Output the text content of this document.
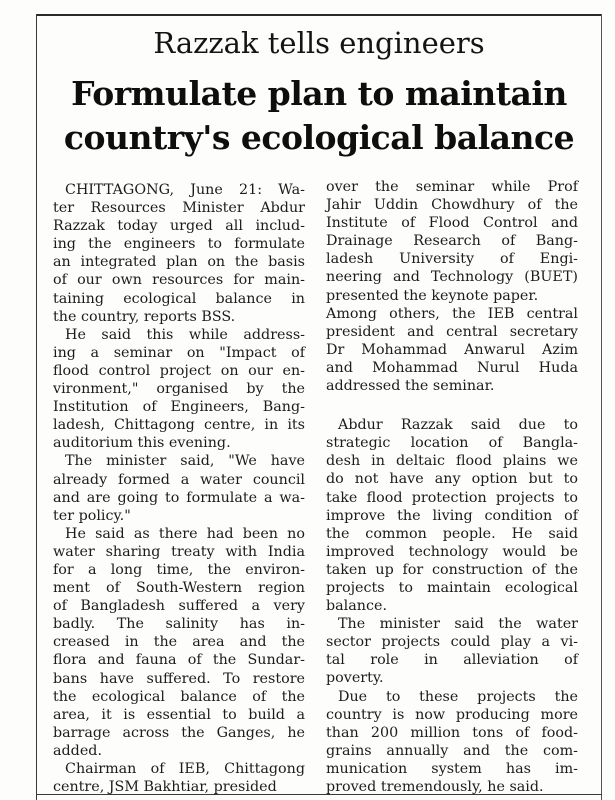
Razzak tells engineers
Formulate plan to maintain
country's ecological balance
CHITTAGONG, June 21: Wa-
ter Resources Minister Abdur
Razzak today urged all includ-
ing the engineers to formulate
an integrated plan on the basis
of our own resources for main-
taining ecological balance in
the country, reports BSS.
He said this while address-
ing a seminar on "Impact of
flood control project on our en-
vironment," organised by the
Institution of Engineers, Bang-
ladesh, Chittagong centre, in its
auditorium this evening.
The minister said, "We have
already formed a water council
and are going to formulate a wa-
ter policy."
He said as there had been no
water sharing treaty with India
for a long time, the environ-
ment of South-Western region
of Bangladesh suffered a very
badly. The salinity has in-
creased in the area and the
flora and fauna of the Sundar-
bans have suffered. To restore
the ecological balance of the
area, it is essential to build a
barrage across the Ganges, he
added.
Chairman of IEB, Chittagong
centre, JSM Bakhtiar, presided
over the seminar while Prof
Jahir Uddin Chowdhury of the
Institute of Flood Control and
Drainage Research of Bang-
ladesh University of Engi-
neering and Technology (BUET)
presented the keynote paper.
Among others, the IEB central
president and central secretary
Dr Mohammad Anwarul Azim
and Mohammad Nurul Huda
addressed the seminar.
Abdur Razzak said due to
strategic location of Bangla-
desh in deltaic flood plains we
do not have any option but to
take flood protection projects to
improve the living condition of
the common people. He said
improved technology would be
taken up for construction of the
projects to maintain ecological
balance.
The minister said the water
sector projects could play a vi-
tal role in alleviation of
poverty.
Due to these projects the
country is now producing more
than 200 million tons of food-
grains annually and the com-
munication system has im-
proved tremendously, he said.
